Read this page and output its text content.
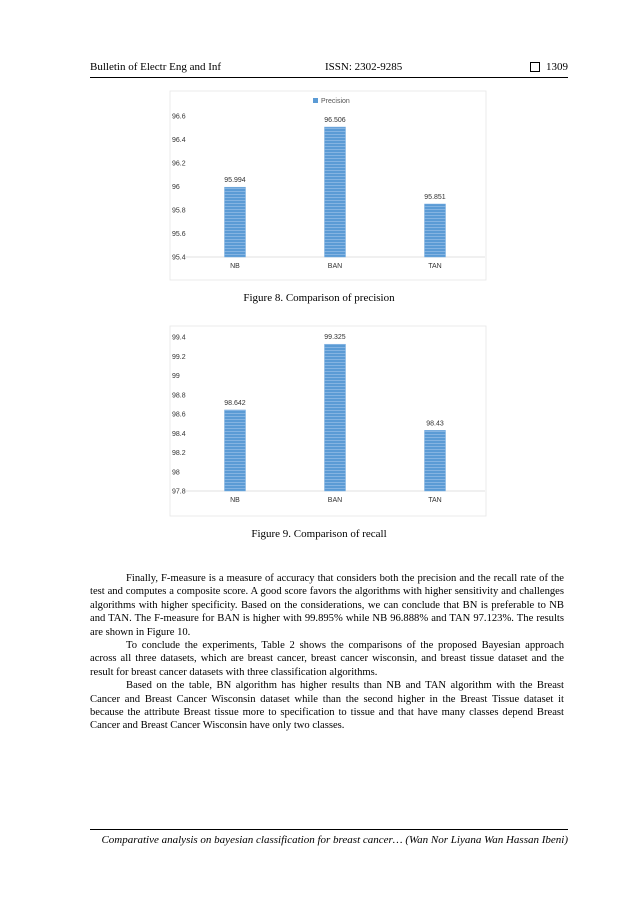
Bulletin of Electr Eng and Inf	ISSN: 2302-9285	1309
96.6
96.4
96.2
96
95.8
95.6
95.4
95.994
NB
96.506
BAN
95.851
TAN
Precision
Figure 8. Comparison of precision
99.4
99.2
99
98.8
98.6
98.4
98.2
98
97.8
98.642
NB
99.325
BAN
98.43
TAN
Figure 9. Comparison of recall

Finally, F-measure is a measure of accuracy that considers both the precision and the recall rate of the test and computes a composite score. A good score favors the algorithms with higher sensitivity and challenges algorithms with higher specificity. Based on the considerations, we can conclude that BN is preferable to NB and TAN. The F-measure for BAN is higher with 99.895% while NB 96.888% and TAN 97.123%. The results are shown in Figure 10.

To conclude the experiments, Table 2 shows the comparisons of the proposed Bayesian approach across all three datasets, which are breast cancer, breast cancer wisconsin, and breast tissue dataset and the result for breast cancer datasets with three classification algorithms.

Based on the table, BN algorithm has higher results than NB and TAN algorithm with the Breast Cancer and Breast Cancer Wisconsin dataset while than the second higher in the Breast Tissue dataset it because the attribute Breast tissue more to specification to tissue and that have many classes depend Breast Cancer and Breast Cancer Wisconsin have only two classes.

Comparative analysis on bayesian classification for breast cancer… (Wan Nor Liyana Wan Hassan Ibeni)
